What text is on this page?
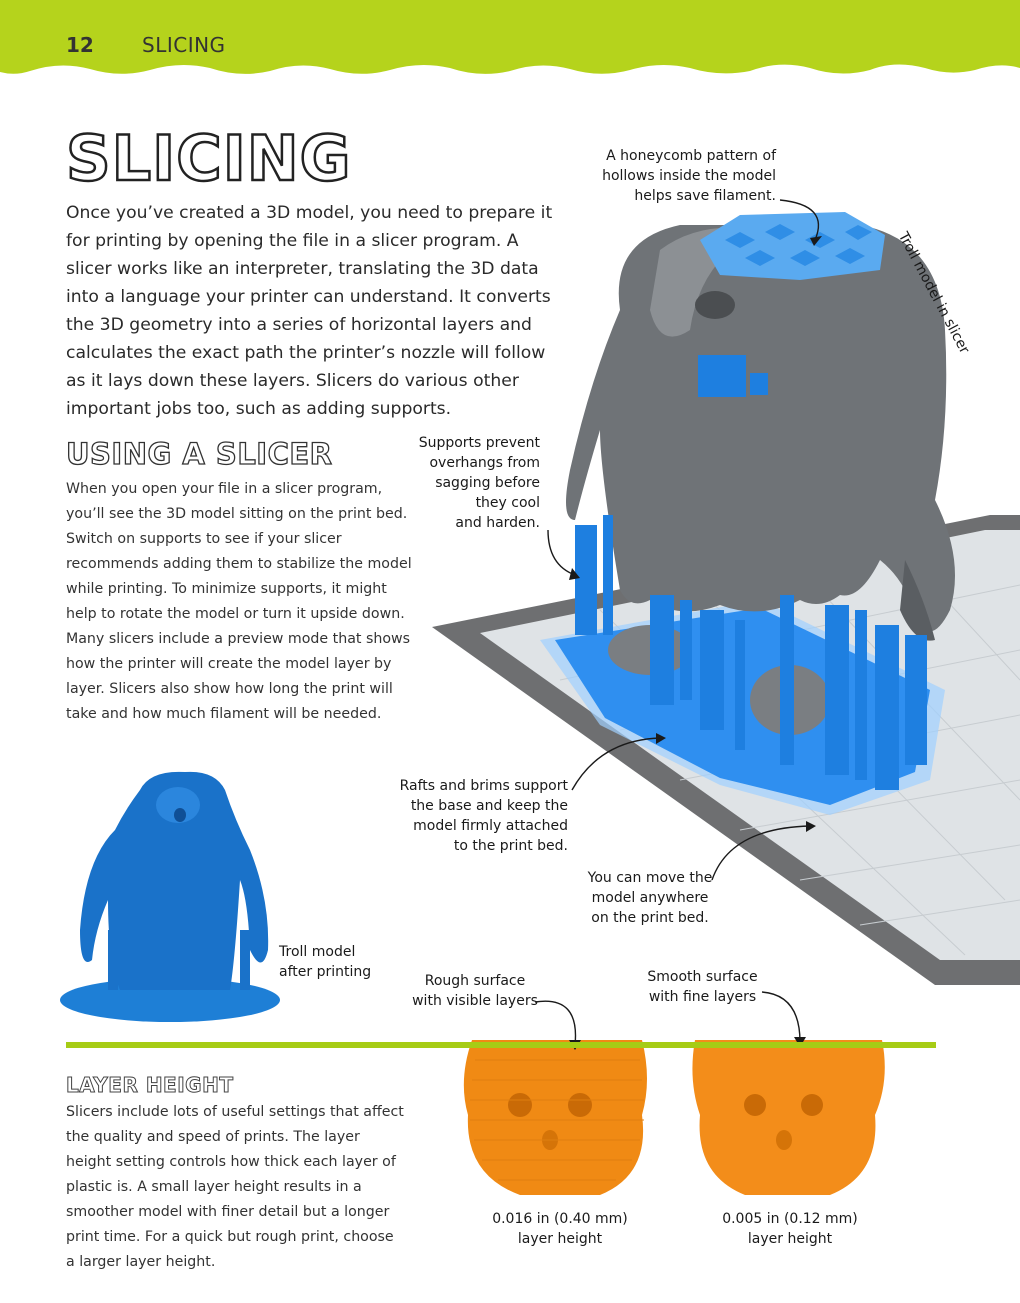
12 SLICING
SLICING

Once you’ve created a 3D model, you need to prepare it for printing by opening the file in a slicer program. A slicer works like an interpreter, translating the 3D data into a language your printer can understand. It converts the 3D geometry into a series of horizontal layers and calculates the exact path the printer’s nozzle will follow as it lays down these layers. Slicers do various other important jobs too, such as adding supports.

USING A SLICER

When you open your file in a slicer program, you’ll see the 3D model sitting on the print bed. Switch on supports to see if your slicer recommends adding them to stabilize the model while printing. To minimize supports, it might help to rotate the model or turn it upside down. Many slicers include a preview mode that shows how the printer will create the model layer by layer. Slicers also show how long the print will take and how much filament will be needed.

A honeycomb pattern of
hollows inside the model
helps save filament.

Troll model in slicer

Supports prevent
overhangs from
sagging before
they cool
and harden.

Rafts and brims support
the base and keep the
model firmly attached
to the print bed.

You can move the
model anywhere
on the print bed.

Troll model
after printing

Rough surface
with visible layers

Smooth surface
with fine layers

LAYER HEIGHT

Slicers include lots of useful settings that affect the quality and speed of prints. The layer height setting controls how thick each layer of plastic is. A small layer height results in a smoother model with finer detail but a longer print time. For a quick but rough print, choose a larger layer height.

0.016 in (0.40 mm)
layer height

0.005 in (0.12 mm)
layer height
